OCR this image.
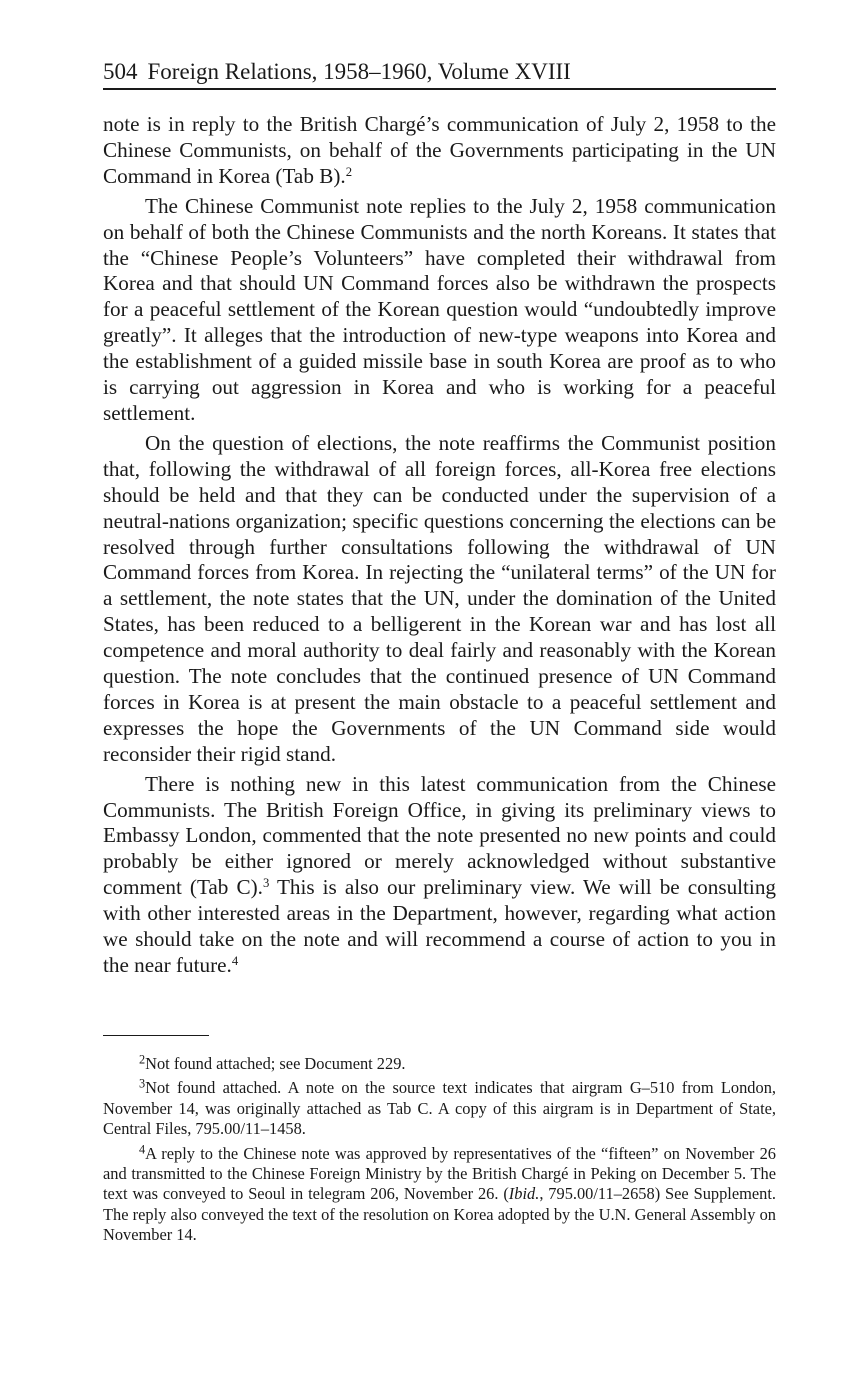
504 Foreign Relations, 1958–1960, Volume XVIII

note is in reply to the British Chargé’s communication of July 2, 1958 to the Chinese Communists, on behalf of the Governments participating in the UN Command in Korea (Tab B).$^2$

The Chinese Communist note replies to the July 2, 1958 communication on behalf of both the Chinese Communists and the north Koreans. It states that the “Chinese People’s Volunteers” have completed their withdrawal from Korea and that should UN Command forces also be withdrawn the prospects for a peaceful settlement of the Korean question would “undoubtedly improve greatly”. It alleges that the introduction of new-type weapons into Korea and the establishment of a guided missile base in south Korea are proof as to who is carrying out aggression in Korea and who is working for a peaceful settlement.

On the question of elections, the note reaffirms the Communist position that, following the withdrawal of all foreign forces, all-Korea free elections should be held and that they can be conducted under the supervision of a neutral-nations organization; specific questions concerning the elections can be resolved through further consultations following the withdrawal of UN Command forces from Korea. In rejecting the “unilateral terms” of the UN for a settlement, the note states that the UN, under the domination of the United States, has been reduced to a belligerent in the Korean war and has lost all competence and moral authority to deal fairly and reasonably with the Korean question. The note concludes that the continued presence of UN Command forces in Korea is at present the main obstacle to a peaceful settlement and expresses the hope the Governments of the UN Command side would reconsider their rigid stand.

There is nothing new in this latest communication from the Chinese Communists. The British Foreign Office, in giving its preliminary views to Embassy London, commented that the note presented no new points and could probably be either ignored or merely acknowledged without substantive comment (Tab C).$^3$ This is also our preliminary view. We will be consulting with other interested areas in the Department, however, regarding what action we should take on the note and will recommend a course of action to you in the near future.$^4$

$^2$Not found attached; see Document 229.

$^3$Not found attached. A note on the source text indicates that airgram G–510 from London, November 14, was originally attached as Tab C. A copy of this airgram is in Department of State, Central Files, 795.00/11–1458.

$^4$A reply to the Chinese note was approved by representatives of the “fifteen” on November 26 and transmitted to the Chinese Foreign Ministry by the British Chargé in Peking on December 5. The text was conveyed to Seoul in telegram 206, November 26. (Ibid., 795.00/11–2658) See Supplement. The reply also conveyed the text of the resolution on Korea adopted by the U.N. General Assembly on November 14.
